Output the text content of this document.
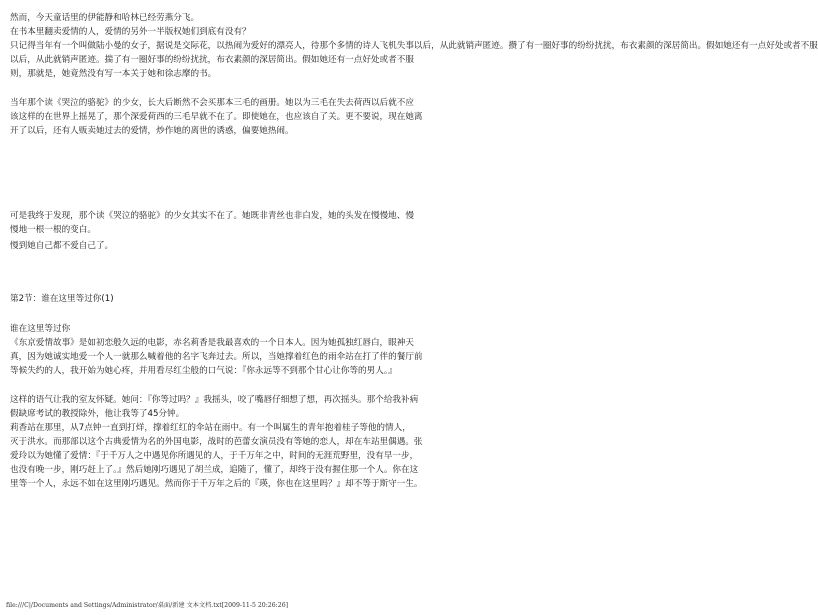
然而，今天童话里的伊能静和哈林已经劳燕分飞。
在书本里翻卖爱情的人，爱情的另外一半版权她们到底有没有？
只记得当年有一个叫做陆小曼的女子，据说是交际花，以热闹为爱好的漂亮人，待那个多情的诗人飞机失事以后，从此就销声匿迹。攒了有一圈好事的纷纷扰扰，布衣素颜的深居简出。假如她还有一点好处或者不服
以后，从此就销声匿迹。揣了有一圈好事的纷纷扰扰，布衣素颜的深居简出。假如她还有一点好处或者不服
则，那就是，她竟然没有写一本关于她和徐志摩的书。
当年那个读《哭泣的骆驼》的少女，长大后断然不会买那本三毛的画册。她以为三毛在失去荷西以后就不应
该这样的在世界上摇晃了，那个深爱荷西的三毛早就不在了。即使她在，也应该自了关。更不要说，现在她离
开了以后，还有人贩卖她过去的爱情，炒作她的离世的诱惑，偏要她热闹。
可是我终于发现，那个读《哭泣的骆驼》的少女其实不在了。她既非青丝也非白发，她的头发在慢慢地、慢
慢地一根一根的变白。
慢到她自己都不爱自己了。
第2节：谁在这里等过你(1)
谁在这里等过你
《东京爱情故事》是如初恋般久远的电影，赤名莉香是我最喜欢的一个日本人。因为她孤独红唇白，眼神天
真，因为她诚实地爱一个人一就那么喊着他的名字飞奔过去。所以，当她撑着红色的雨伞站在打了伴的餐厅前
等候失约的人，我开始为她心疼，并用看尽红尘般的口气说：『你永远等不到那个甘心让你等的男人。』
这样的语气让我的室友怀疑。她问：『你等过吗？』我摇头，咬了嘴唇仔细想了想，再次摇头。那个给我补病
假缺席考试的教授除外，他让我等了45分钟。
莉香站在那里，从7点钟一直到打烊，撑着红红的伞站在雨中。有一个叫属生的青年抱着桂子等他的情人，
灭于洪水。而那部以这个古典爱情为名的外国电影，战时的芭蕾女演员没有等她的恋人，却在车站里偶遇。张
爱玲以为她懂了爱情：『于千万人之中遇见你所遇见的人，于千万年之中，时间的无涯荒野里，没有早一步，
也没有晚一步，刚巧赶上了。』然后她刚巧遇见了胡兰成，追随了，懂了，却终于没有握住那一个人。你在这
里等一个人，永远不如在这里刚巧遇见。然而你于千万年之后的『瑛，你也在这里吗？』却不等于斯守一生。
file:///C|/Documents and Settings/Administrator/桌面/新建 文本文档.txt[2009-11-5 20:26:26]
